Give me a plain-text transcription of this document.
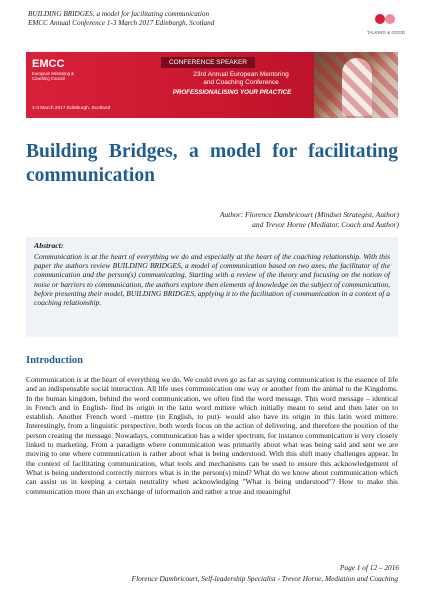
BUILDING BRIDGES, a model for facilitating communication
EMCC Annual Conference 1-3 March 2017 Edinburgh, Scotland
TALKING & GOOD
EMCC
European Mentoring & Coaching Council
CONFERENCE SPEAKER
23rd Annual European Mentoring
and Coaching Conference
PROFESSIONALISING YOUR PRACTICE
1-3 March 2017 Edinburgh, Scotland
Building Bridges, a model for facilitating communication
Author: Florence Dambricourt (Mindset Strategist, Author)
and Trevor Horne (Mediator, Coach and Author)
Abstract:
Communication is at the heart of everything we do and especially at the heart of the coaching relationship. With this paper the authors review BUILDING BRIDGES, a model of communication based on two axes, the facilitator of the communication and the person(s) communicating. Starting with a review of the theory and focusing on the notion of noise or barriers to communication, the authors explore then elements of knowledge on the subject of communication, before presenting their model, BUILDING BRIDGES, applying it to the facilitation of communication in a context of a coaching relationship.
Introduction
Communication is at the heart of everything we do. We could even go as far as saying communication is the essence of life and an indispensable social interaction. All life uses communication one way or another from the animal to the Kingdoms. In the human kingdom, behind the word communication, we often find the word message. This word message – identical in French and in English- find its origin in the latin word mittere which initially meant to send and then later on to establish. Another French word –mettre (in English, to put)- would also have its origin in this latin word mittere. Interestingly, from a linguistic perspective, both words focus on the action of delivering, and therefore the position of the person creating the message. Nowadays, communication has a wider spectrum, for instance communication is very closely linked to marketing. From a paradigm where communication was primarily about what was being said and sent we are moving to one where communication is rather about what is being understood. With this shift many challenges appear. In the context of facilitating communication, what tools and mechanisms can be used to ensure this acknowledgement of What is being understood correctly mirrors what is in the person(s) mind? What do we know about communication which can assist us in keeping a certain neutrality when acknowledging "What is being understood"? How to make this communication more than an exchange of information and rather a true and meaningful
Page 1 of 12 – 2016
Florence Dambricourt, Self-leadership Specialist - Trevor Horne, Mediation and Coaching
